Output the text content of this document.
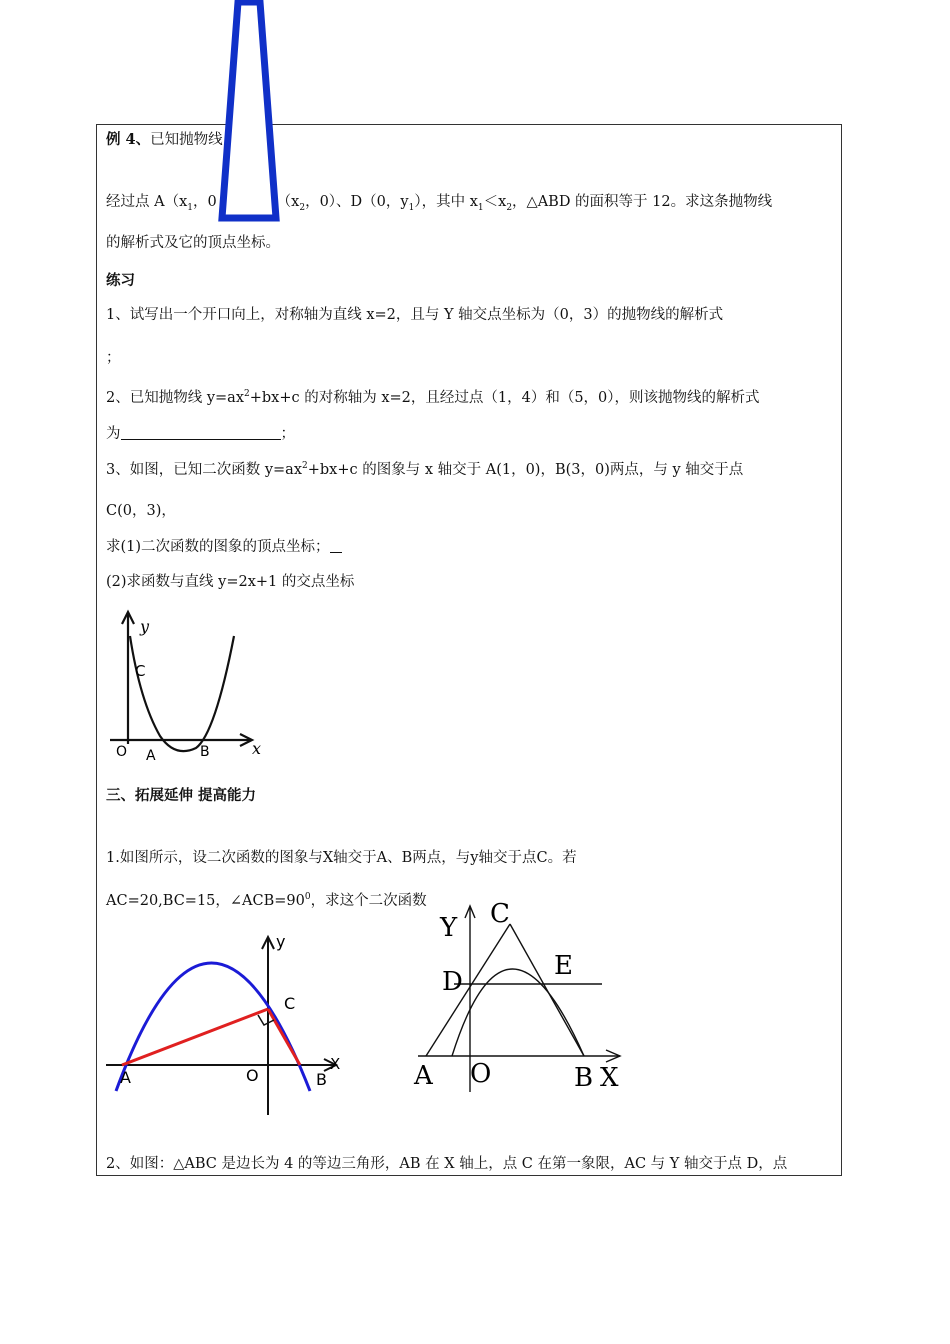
例 4、已知抛物线
经过点 $A(x_1$，0	（$x_2$，0）、D（0，$y_1$），其中 $x_1<x_2$，△ABD 的面积等于 12。求这条抛物线
的解析式及它的顶点坐标。
练习
1、试写出一个开口向上，对称轴为直线 x=2，且与 Y 轴交点坐标为（0，3）的抛物线的解析式
；
2、已知抛物线 $y=ax^2+bx+c$ 的对称轴为 x=2，且经过点（1，4）和（5，0），则该抛物线的解析式
为	；
3、如图，已知二次函数 $y=ax^2+bx+c$ 的图象与 x 轴交于 A(1，0)，B(3，0)两点，与 y 轴交于点
C(0，3)，
求(1)二次函数的图象的顶点坐标；
(2)求函数与直线 y=2x+1 的交点坐标
y
C
O A	B	x
三、拓展延伸 提高能力
1.如图所示，设二次函数的图象与X轴交于A、B两点，与y轴交于点C。若
AC=20,BC=15，$\angle ACB=90^0$，求这个二次函数
y
C
A	O	B
X
Y C
D
E
A O	B X
2、如图：△ABC 是边长为 4 的等边三角形，AB 在 X 轴上，点 C 在第一象限，AC 与 Y 轴交于点 D，点
